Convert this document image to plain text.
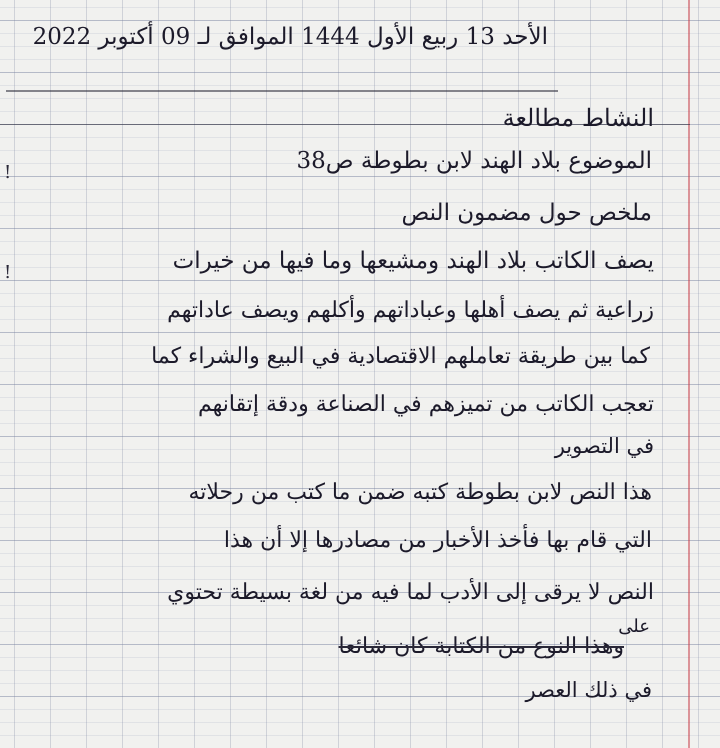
الأحد 13 ربيع الأول 1444 الموافق لـ 09 أكتوبر 2022
النشاط مطالعة
الموضوع بلاد الهند لابن بطوطة ص38
ملخص حول مضمون النص
يصف الكاتب بلاد الهند ومشيعها وما فيها من خيرات
زراعية ثم يصف أهلها وعباداتهم وأكلهم ويصف عاداتهم
كما بين طريقة تعاملهم الاقتصادية في البيع والشراء كما
تعجب الكاتب من تميزهم في الصناعة ودقة إتقانهم
في التصوير
هذا النص لابن بطوطة كتبه ضمن ما كتب من رحلاته
التي قام بها فأخذ الأخبار من مصادرها إلا أن هذا
النص لا يرقى إلى الأدب لما فيه من لغة بسيطة تحتوي
على
وهذا النوع من الكتابة كان شائعا
في ذلك العصر
!
!
